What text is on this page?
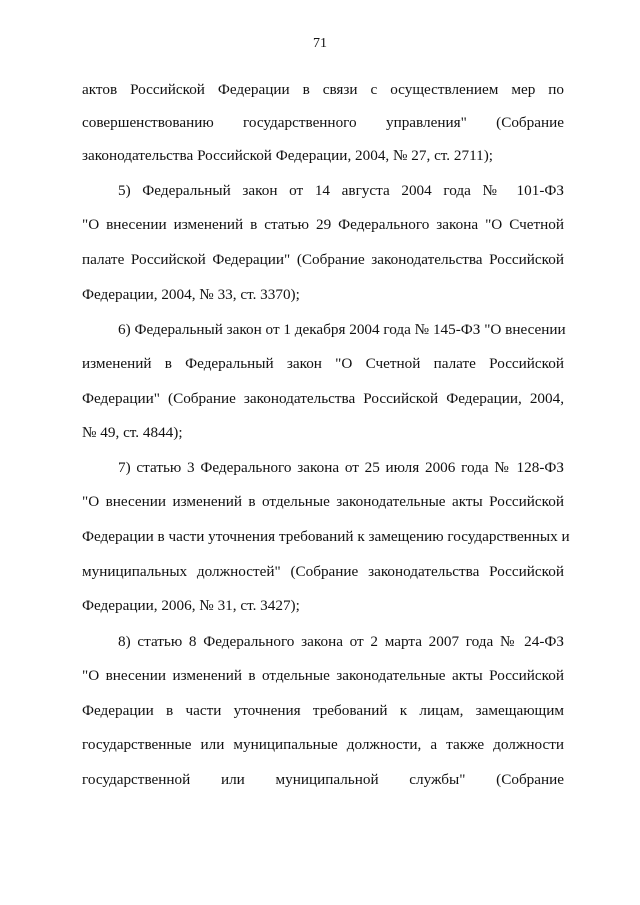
71
актов Российской Федерации в связи с осуществлением мер по
совершенствованию государственного управления" (Собрание
законодательства Российской Федерации, 2004, № 27, ст. 2711);
5) Федеральный закон от 14 августа 2004 года № 101-ФЗ
"О внесении изменений в статью 29 Федерального закона "О Счетной
палате Российской Федерации" (Собрание законодательства Российской
Федерации, 2004, № 33, ст. 3370);
6) Федеральный закон от 1 декабря 2004 года № 145-ФЗ "О внесении
изменений в Федеральный закон "О Счетной палате Российской
Федерации" (Собрание законодательства Российской Федерации, 2004,
№ 49, ст. 4844);
7) статью 3 Федерального закона от 25 июля 2006 года № 128-ФЗ
"О внесении изменений в отдельные законодательные акты Российской
Федерации в части уточнения требований к замещению государственных и
муниципальных должностей" (Собрание законодательства Российской
Федерации, 2006, № 31, ст. 3427);
8) статью 8 Федерального закона от 2 марта 2007 года № 24-ФЗ
"О внесении изменений в отдельные законодательные акты Российской
Федерации в части уточнения требований к лицам, замещающим
государственные или муниципальные должности, а также должности
государственной или муниципальной службы" (Собрание
